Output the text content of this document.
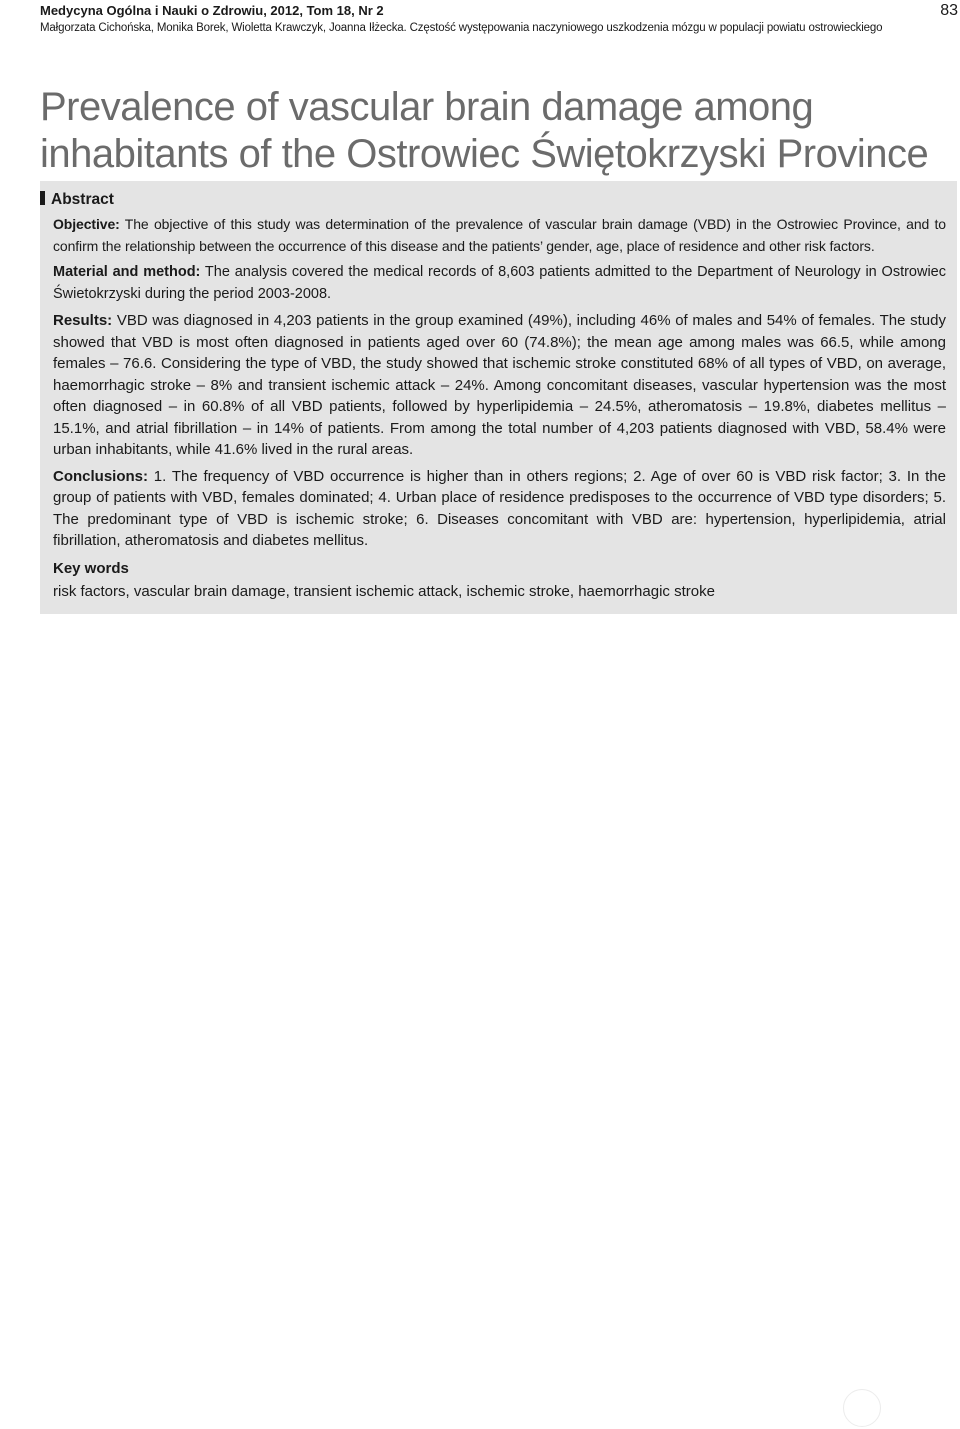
Medycyna Ogólna i Nauki o Zdrowiu, 2012, Tom 18, Nr 2	83
Małgorzata Cichońska, Monika Borek, Wioletta Krawczyk, Joanna Iłżecka. Częstość występowania naczyniowego uszkodzenia mózgu w populacji powiatu ostrowieckiego
Prevalence of vascular brain damage among
inhabitants of the Ostrowiec Świętokrzyski Province
Abstract

Objective: The objective of this study was determination of the prevalence of vascular brain damage (VBD) in the Ostrowiec Province, and to confirm the relationship between the occurrence of this disease and the patients’ gender, age, place of residence and other risk factors.

Material and method: The analysis covered the medical records of 8,603 patients admitted to the Department of Neurology in Ostrowiec Świetokrzyski during the period 2003-2008.

Results: VBD was diagnosed in 4,203 patients in the group examined (49%), including 46% of males and 54% of females. The study showed that VBD is most often diagnosed in patients aged over 60 (74.8%); the mean age among males was 66.5, while among females – 76.6. Considering the type of VBD, the study showed that ischemic stroke constituted 68% of all types of VBD, on average, haemorrhagic stroke – 8% and transient ischemic attack – 24%. Among concomitant diseases, vascular hypertension was the most often diagnosed – in 60.8% of all VBD patients, followed by hyperlipidemia – 24.5%, atheromatosis – 19.8%, diabetes mellitus – 15.1%, and atrial fibrillation – in 14% of patients. From among the total number of 4,203 patients diagnosed with VBD, 58.4% were urban inhabitants, while 41.6% lived in the rural areas.

Conclusions: 1. The frequency of VBD occurrence is higher than in others regions; 2. Age of over 60 is VBD risk factor; 3. In the group of patients with VBD, females dominated; 4. Urban place of residence predisposes to the occurrence of VBD type disorders; 5. The predominant type of VBD is ischemic stroke; 6. Diseases concomitant with VBD are: hypertension, hyperlipidemia, atrial fibrillation, atheromatosis and diabetes mellitus.

Key words

risk factors, vascular brain damage, transient ischemic attack, ischemic stroke, haemorrhagic stroke
